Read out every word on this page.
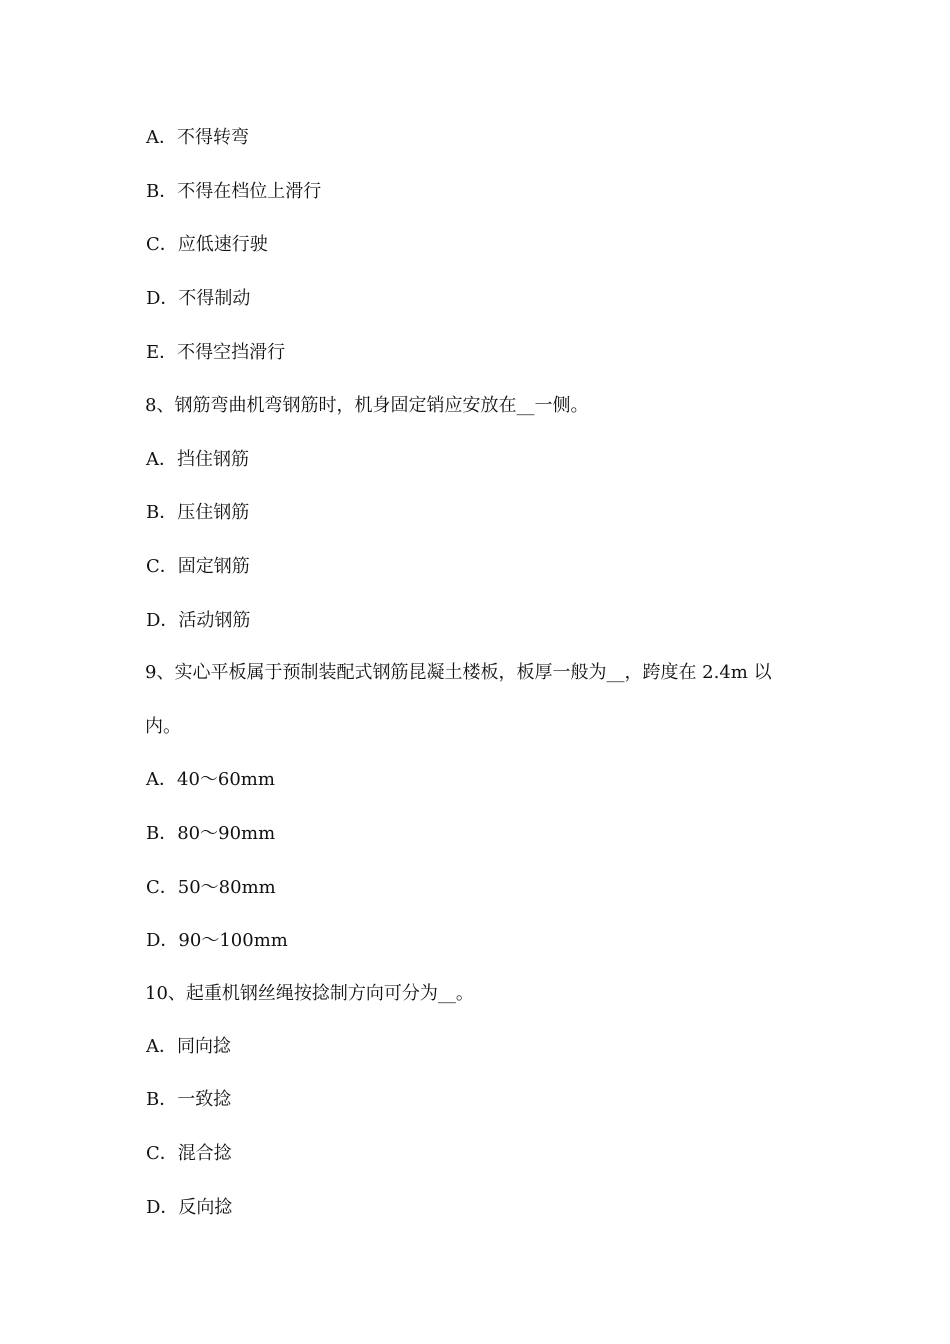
A．不得转弯
B．不得在档位上滑行
C．应低速行驶
D．不得制动
E．不得空挡滑行
8、钢筋弯曲机弯钢筋时，机身固定销应安放在__一侧。
A．挡住钢筋
B．压住钢筋
C．固定钢筋
D．活动钢筋
9、实心平板属于预制装配式钢筋昆凝土楼板，板厚一般为__，跨度在 2.4m 以
内。
A．40～60mm
B．80～90mm
C．50～80mm
D．90～100mm
10、起重机钢丝绳按捻制方向可分为__。
A．同向捻
B．一致捻
C．混合捻
D．反向捻
